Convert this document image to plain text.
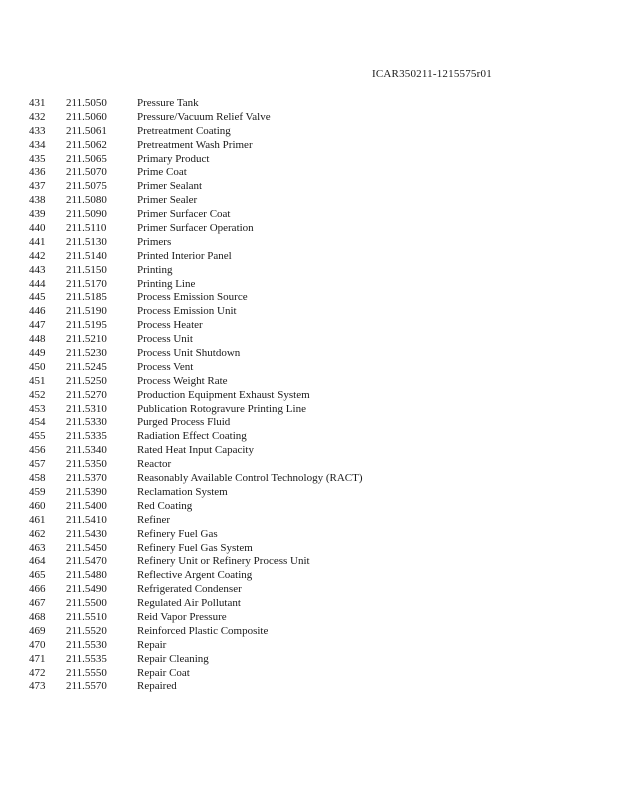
ICAR350211-1215575r01
431 211.5050	Pressure Tank
432 211.5060	Pressure/Vacuum Relief Valve
433 211.5061	Pretreatment Coating
434 211.5062	Pretreatment Wash Primer
435 211.5065	Primary Product
436 211.5070	Prime Coat
437 211.5075	Primer Sealant
438 211.5080	Primer Sealer
439 211.5090	Primer Surfacer Coat
440 211.5110	Primer Surfacer Operation
441 211.5130	Primers
442 211.5140	Printed Interior Panel
443 211.5150	Printing
444 211.5170	Printing Line
445 211.5185	Process Emission Source
446 211.5190	Process Emission Unit
447 211.5195	Process Heater
448 211.5210	Process Unit
449 211.5230	Process Unit Shutdown
450 211.5245	Process Vent
451 211.5250	Process Weight Rate
452 211.5270	Production Equipment Exhaust System
453 211.5310	Publication Rotogravure Printing Line
454 211.5330	Purged Process Fluid
455 211.5335	Radiation Effect Coating
456 211.5340	Rated Heat Input Capacity
457 211.5350	Reactor
458 211.5370	Reasonably Available Control Technology (RACT)
459 211.5390	Reclamation System
460 211.5400	Red Coating
461 211.5410	Refiner
462 211.5430	Refinery Fuel Gas
463 211.5450	Refinery Fuel Gas System
464 211.5470	Refinery Unit or Refinery Process Unit
465 211.5480	Reflective Argent Coating
466 211.5490	Refrigerated Condenser
467 211.5500	Regulated Air Pollutant
468 211.5510	Reid Vapor Pressure
469 211.5520	Reinforced Plastic Composite
470 211.5530	Repair
471 211.5535	Repair Cleaning
472 211.5550	Repair Coat
473 211.5570	Repaired
